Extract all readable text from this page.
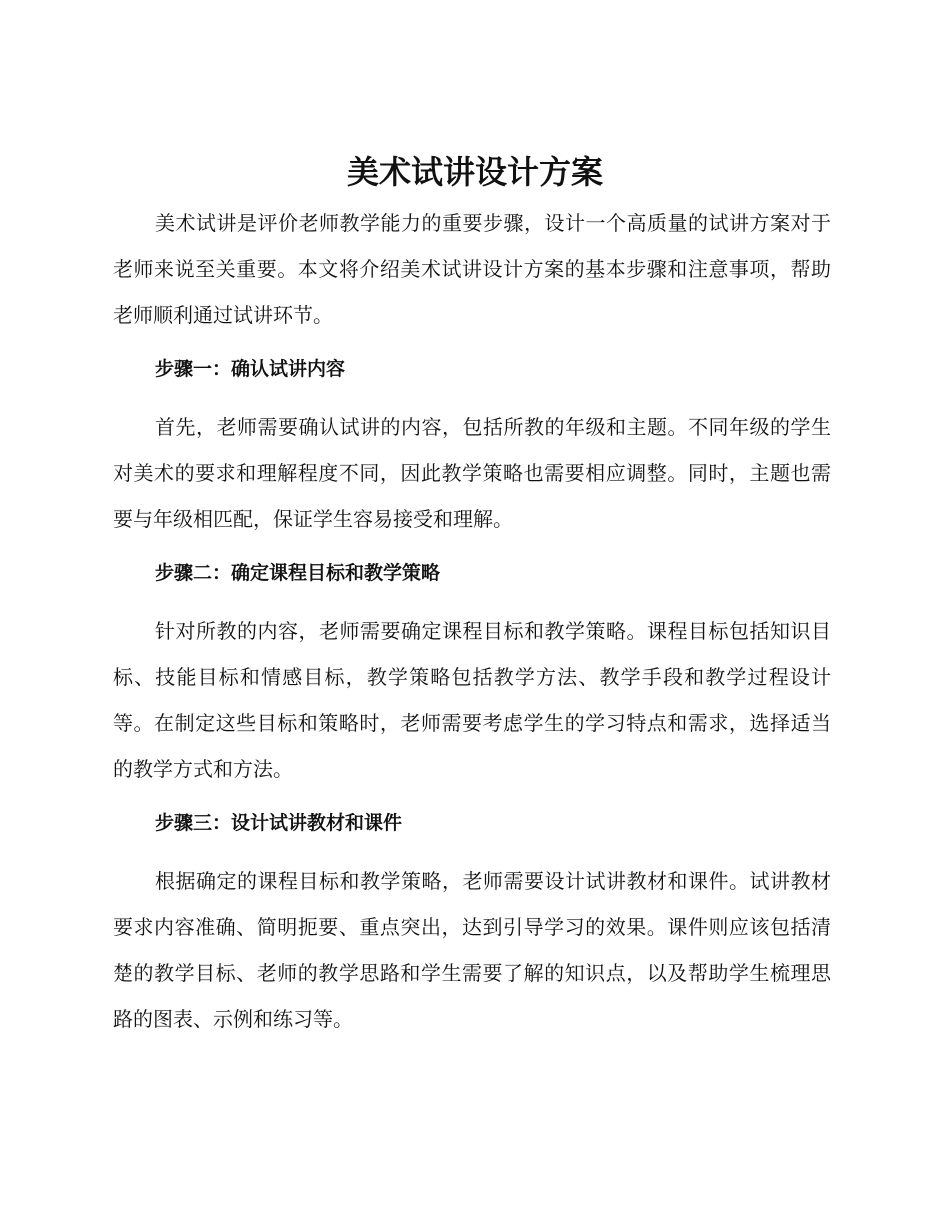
美术试讲设计方案

美术试讲是评价老师教学能力的重要步骤，设计一个高质量的试讲方案对于老师来说至关重要。本文将介绍美术试讲设计方案的基本步骤和注意事项，帮助老师顺利通过试讲环节。

步骤一：确认试讲内容

首先，老师需要确认试讲的内容，包括所教的年级和主题。不同年级的学生对美术的要求和理解程度不同，因此教学策略也需要相应调整。同时，主题也需要与年级相匹配，保证学生容易接受和理解。

步骤二：确定课程目标和教学策略

针对所教的内容，老师需要确定课程目标和教学策略。课程目标包括知识目标、技能目标和情感目标，教学策略包括教学方法、教学手段和教学过程设计等。在制定这些目标和策略时，老师需要考虑学生的学习特点和需求，选择适当的教学方式和方法。

步骤三：设计试讲教材和课件

根据确定的课程目标和教学策略，老师需要设计试讲教材和课件。试讲教材要求内容准确、简明扼要、重点突出，达到引导学习的效果。课件则应该包括清楚的教学目标、老师的教学思路和学生需要了解的知识点，以及帮助学生梳理思路的图表、示例和练习等。
